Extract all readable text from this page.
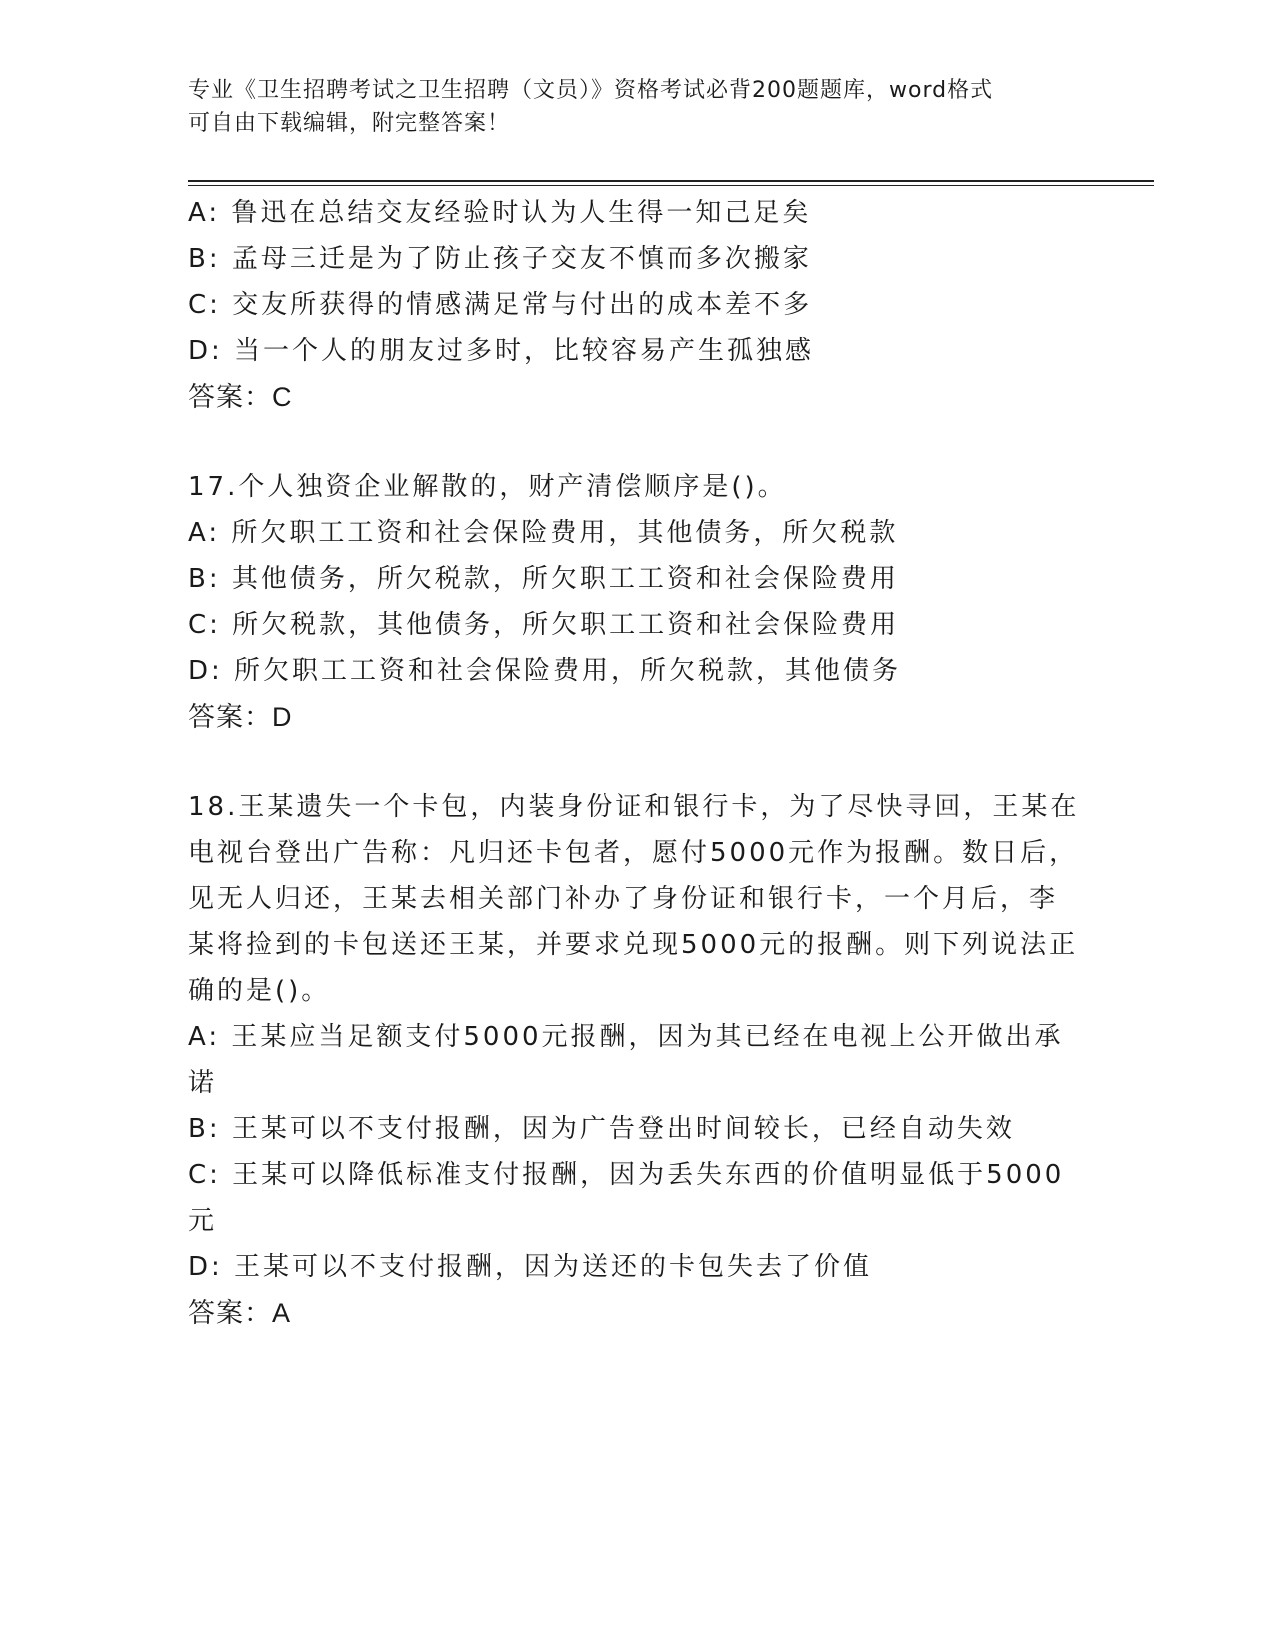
专业《卫生招聘考试之卫生招聘（文员）》资格考试必背200题题库，word格式
可自由下载编辑，附完整答案！

A: 鲁迅在总结交友经验时认为人生得一知己足矣

B: 孟母三迁是为了防止孩子交友不慎而多次搬家

C: 交友所获得的情感满足常与付出的成本差不多

D: 当一个人的朋友过多时，比较容易产生孤独感

答案：C

17.个人独资企业解散的，财产清偿顺序是()。

A: 所欠职工工资和社会保险费用，其他债务，所欠税款

B: 其他债务，所欠税款，所欠职工工资和社会保险费用

C: 所欠税款，其他债务，所欠职工工资和社会保险费用

D: 所欠职工工资和社会保险费用，所欠税款，其他债务

答案：D

18.王某遗失一个卡包，内装身份证和银行卡，为了尽快寻回，王某在

电视台登出广告称：凡归还卡包者，愿付5000元作为报酬。数日后，

见无人归还，王某去相关部门补办了身份证和银行卡，一个月后，李

某将捡到的卡包送还王某，并要求兑现5000元的报酬。则下列说法正

确的是()。

A: 王某应当足额支付5000元报酬，因为其已经在电视上公开做出承

诺

B: 王某可以不支付报酬，因为广告登出时间较长，已经自动失效

C: 王某可以降低标准支付报酬，因为丢失东西的价值明显低于5000

元

D: 王某可以不支付报酬，因为送还的卡包失去了价值

答案：A
